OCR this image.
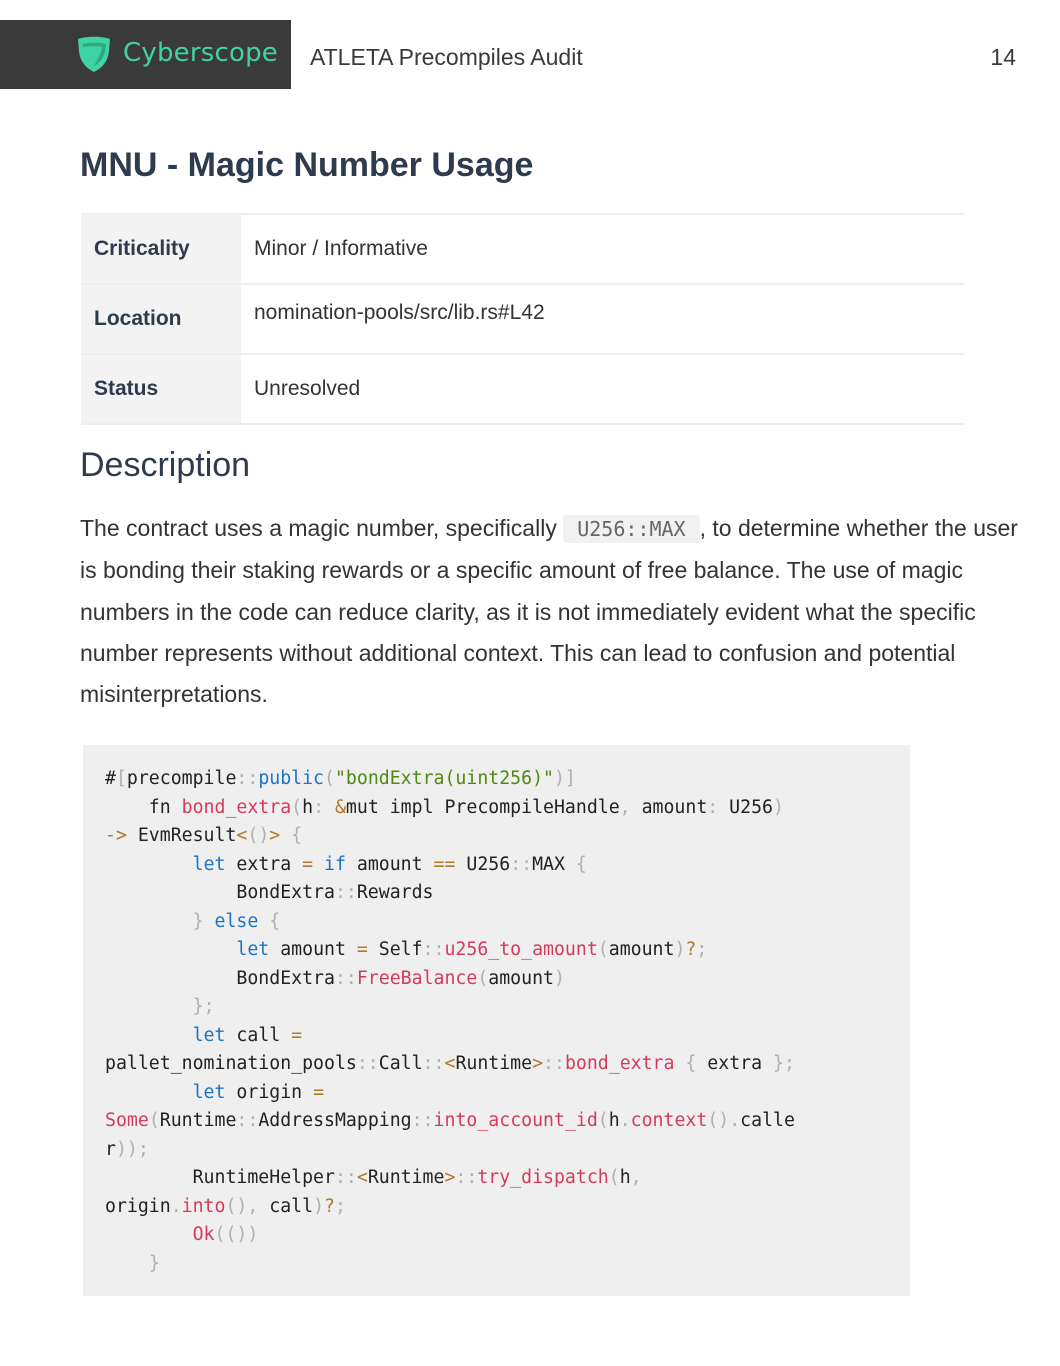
Cyberscope ATLETA Precompiles Audit	14
MNU - Magic Number Usage
Criticality	Minor / Informative
Location	nomination-pools/src/lib.rs#L42
Status	Unresolved
Description

The contract uses a magic number, specifically U256::MAX , to determine whether the user is bonding their staking rewards or a specific amount of free balance. The use of magic numbers in the code can reduce clarity, as it is not immediately evident what the specific number represents without additional context. This can lead to confusion and potential misinterpretations.

#[precompile::public("bondExtra(uint256)")]
fn bond_extra(h: &mut impl PrecompileHandle, amount: U256)
-> EvmResult<()> {
let extra = if amount == U256::MAX {
BondExtra::Rewards
} else {
let amount = Self::u256_to_amount(amount)?;
BondExtra::FreeBalance(amount)
};
let call =
pallet_nomination_pools::Call::<Runtime>::bond_extra { extra };
let origin =
Some(Runtime::AddressMapping::into_account_id(h.context().calle
r));
RuntimeHelper::<Runtime>::try_dispatch(h,
origin.into(), call)?;
Ok(())
}
